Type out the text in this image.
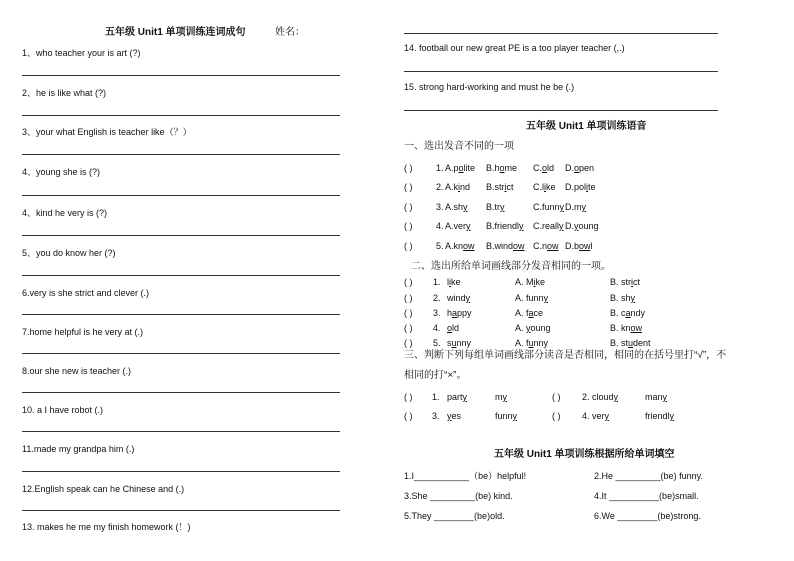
五年级 Unit1 单项训练连词成句	姓名：
1、who teacher your is art (?)
2、he is like what (?)
3、your what English is teacher like（？）
4、young she is (?)
4、kind he very is (?)
5、you do know her (?)
6.very is she strict and clever (.)
7.home helpful is he very at (.)
8.our she new is teacher (.)
10. a I have robot (.)
11.made my grandpa him (.)
12.English speak can he Chinese and (.)
13. makes he me my finish homework (！)
14. football our new great PE is a too player teacher (,.)
15. strong hard-working and must he be (.)
五年级 Unit1 单项训练语音
一、选出发音不同的一项
( )	1. A.polite B.home C.old D.open
( )	2. A.kind B.strict C.like D.polite
( )	3. A.shy B.try	C.funny D.my
( )	4. A.very B.friendly C.really D.young
( )	5. A.know B.window C.now D.bowl
二、选出所给单词画线部分发音相同的一项。
( ) 1. like	A. Mike	B. strict
( ) 2. windy	A. funny	B. shy
( ) 3. happy	A. face	B. candy
( ) 4. old	A. young	B. know
( ) 5. sunny	A. funny	B. student
三、判断下列每组单词画线部分读音是否相同，相同的在括号里打“√”，不
相同的打“×”。
( ) 1. party	my	( ) 2. cloudy	many
( ) 3. yes	funny	( ) 4. very	friendly
五年级 Unit1 单项训练根据所给单词填空
1.I___________（be）helpful!	2.He _________(be) funny.
3.She _________(be) kind.	4.It __________(be)small.
5.They ________(be)old.	6.We ________(be)strong.
